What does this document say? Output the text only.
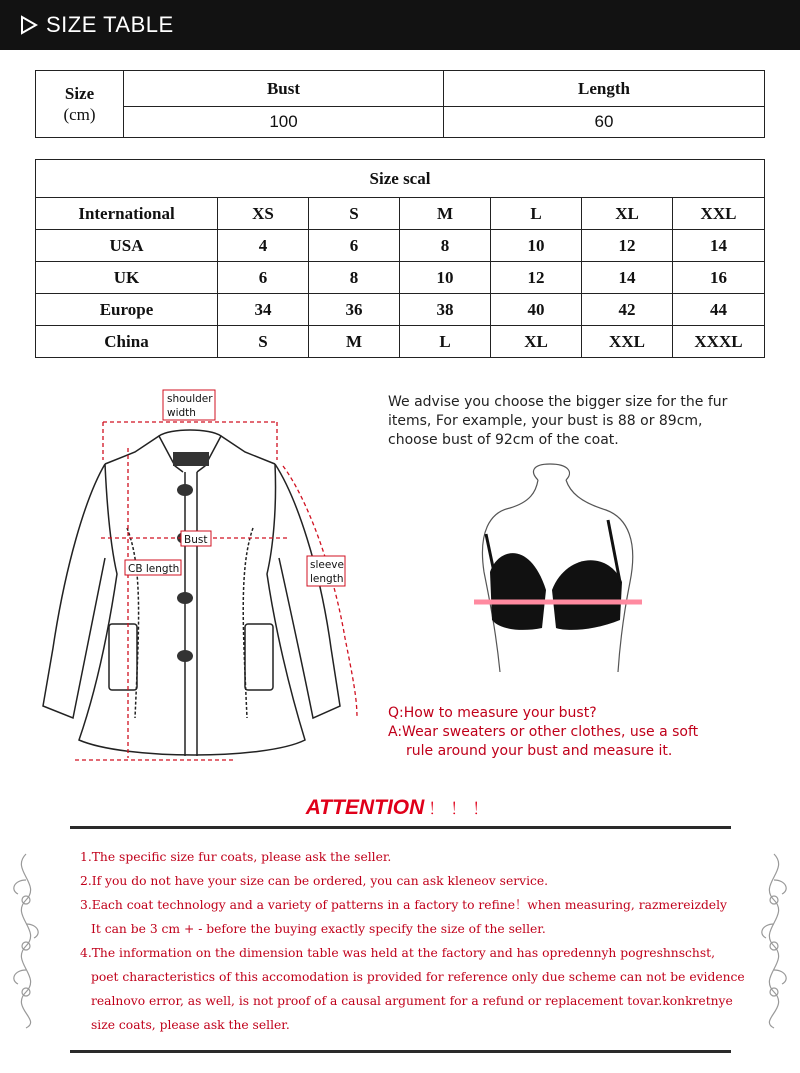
SIZE TABLE
Size
(cm)	Bust	Length
	100	60
Size scal						
International	XS	S	M	L	XL	XXL
USA	4	6	8	10	12	14
UK	6	8	10	12	14	16
Europe	34	36	38	40	42	44
China	S	M	L	XL	XXL	XXXL
shoulder
width
Bust
CB length	sleeve
length
We advise you choose the bigger size for the fur
items, For example, your bust is 88 or 89cm,
choose bust of 92cm of the coat.
Q:How to measure your bust?
A:Wear sweaters or other clothes, use a soft
rule around your bust and measure it.
ATTENTION ！！！

1.The specific size fur coats, please ask the seller.

2.If you do not have your size can be ordered, you can ask kleneov service.

3.Each coat technology and a variety of patterns in a factory to refine！when measuring, razmereizdely

It can be 3 cm + - before the buying exactly specify the size of the seller.

4.The information on the dimension table was held at the factory and has opredennyh pogreshnschst,

poet characteristics of this accomodation is provided for reference only due scheme can not be evidence

realnovo error, as well, is not proof of a causal argument for a refund or replacement tovar.konkretnye

size coats, please ask the seller.
